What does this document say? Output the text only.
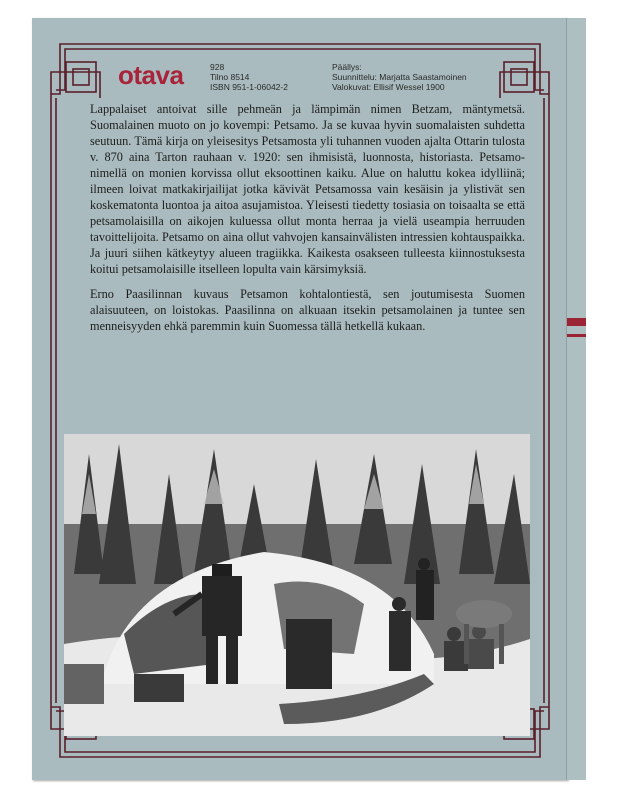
otava	928
Tilno 8514
ISBN 951-1-06042-2
Päällys:
Suunnittelu: Marjatta Saastamoinen
Valokuvat: Ellisif Wessel 1900

Lappalaiset antoivat sille pehmeän ja lämpimän nimen Betzam, mäntymetsä. Suomalainen muoto on jo kovempi: Petsamo. Ja se kuvaa hyvin suomalaisten suhdetta seutuun. Tämä kirja on yleisesitys Petsamosta yli tuhannen vuoden ajalta Ottarin tulosta v. 870 aina Tarton rauhaan v. 1920: sen ihmisistä, luonnosta, historiasta. Petsamo-nimellä on monien korvissa ollut eksoottinen kaiku. Alue on haluttu kokea idylliinä; ilmeen loivat matkakirjailijat jotka kävivät Petsamossa vain kesäisin ja ylistivät sen koskematonta luontoa ja aitoa asujamistoa. Yleisesti tiedetty tosiasia on toisaalta se että petsamolaisilla on aikojen kuluessa ollut monta herraa ja vielä useampia herruuden tavoittelijoita. Petsamo on aina ollut vahvojen kansainvälisten intressien kohtauspaikka. Ja juuri siihen kätkeytyy alueen tragiikka. Kaikesta osakseen tulleesta kiinnostuksesta koitui petsamolaisille itselleen lopulta vain kärsimyksiä.

Erno Paasilinnan kuvaus Petsamon kohtalontiestä, sen joutumisesta Suomen alaisuuteen, on loistokas. Paasilinna on alkuaan itsekin petsamolainen ja tuntee sen menneisyyden ehkä paremmin kuin Suomessa tällä hetkellä kukaan.
